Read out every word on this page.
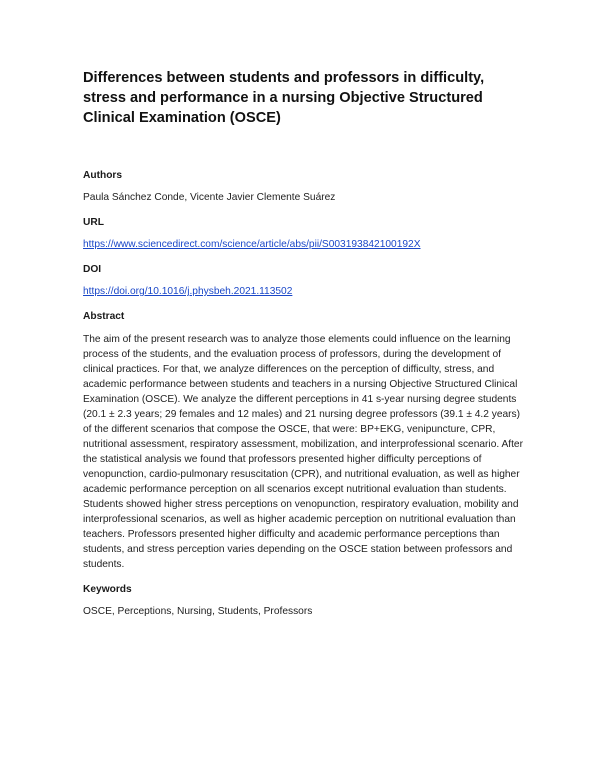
Differences between students and professors in difficulty, stress and performance in a nursing Objective Structured Clinical Examination (OSCE)
Authors
Paula Sánchez Conde, Vicente Javier Clemente Suárez
URL
https://www.sciencedirect.com/science/article/abs/pii/S003193842100192X
DOI
https://doi.org/10.1016/j.physbeh.2021.113502
Abstract
The aim of the present research was to analyze those elements could influence on the learning process of the students, and the evaluation process of professors, during the development of clinical practices. For that, we analyze differences on the perception of difficulty, stress, and academic performance between students and teachers in a nursing Objective Structured Clinical Examination (OSCE). We analyze the different perceptions in 41 s-year nursing degree students (20.1 ± 2.3 years; 29 females and 12 males) and 21 nursing degree professors (39.1 ± 4.2 years) of the different scenarios that compose the OSCE, that were: BP+EKG, venipuncture, CPR, nutritional assessment, respiratory assessment, mobilization, and interprofessional scenario. After the statistical analysis we found that professors presented higher difficulty perceptions of venopunction, cardio-pulmonary resuscitation (CPR), and nutritional evaluation, as well as higher academic performance perception on all scenarios except nutritional evaluation than students. Students showed higher stress perceptions on venopunction, respiratory evaluation, mobility and interprofessional scenarios, as well as higher academic perception on nutritional evaluation than teachers. Professors presented higher difficulty and academic performance perceptions than students, and stress perception varies depending on the OSCE station between professors and students.
Keywords
OSCE, Perceptions, Nursing, Students, Professors
